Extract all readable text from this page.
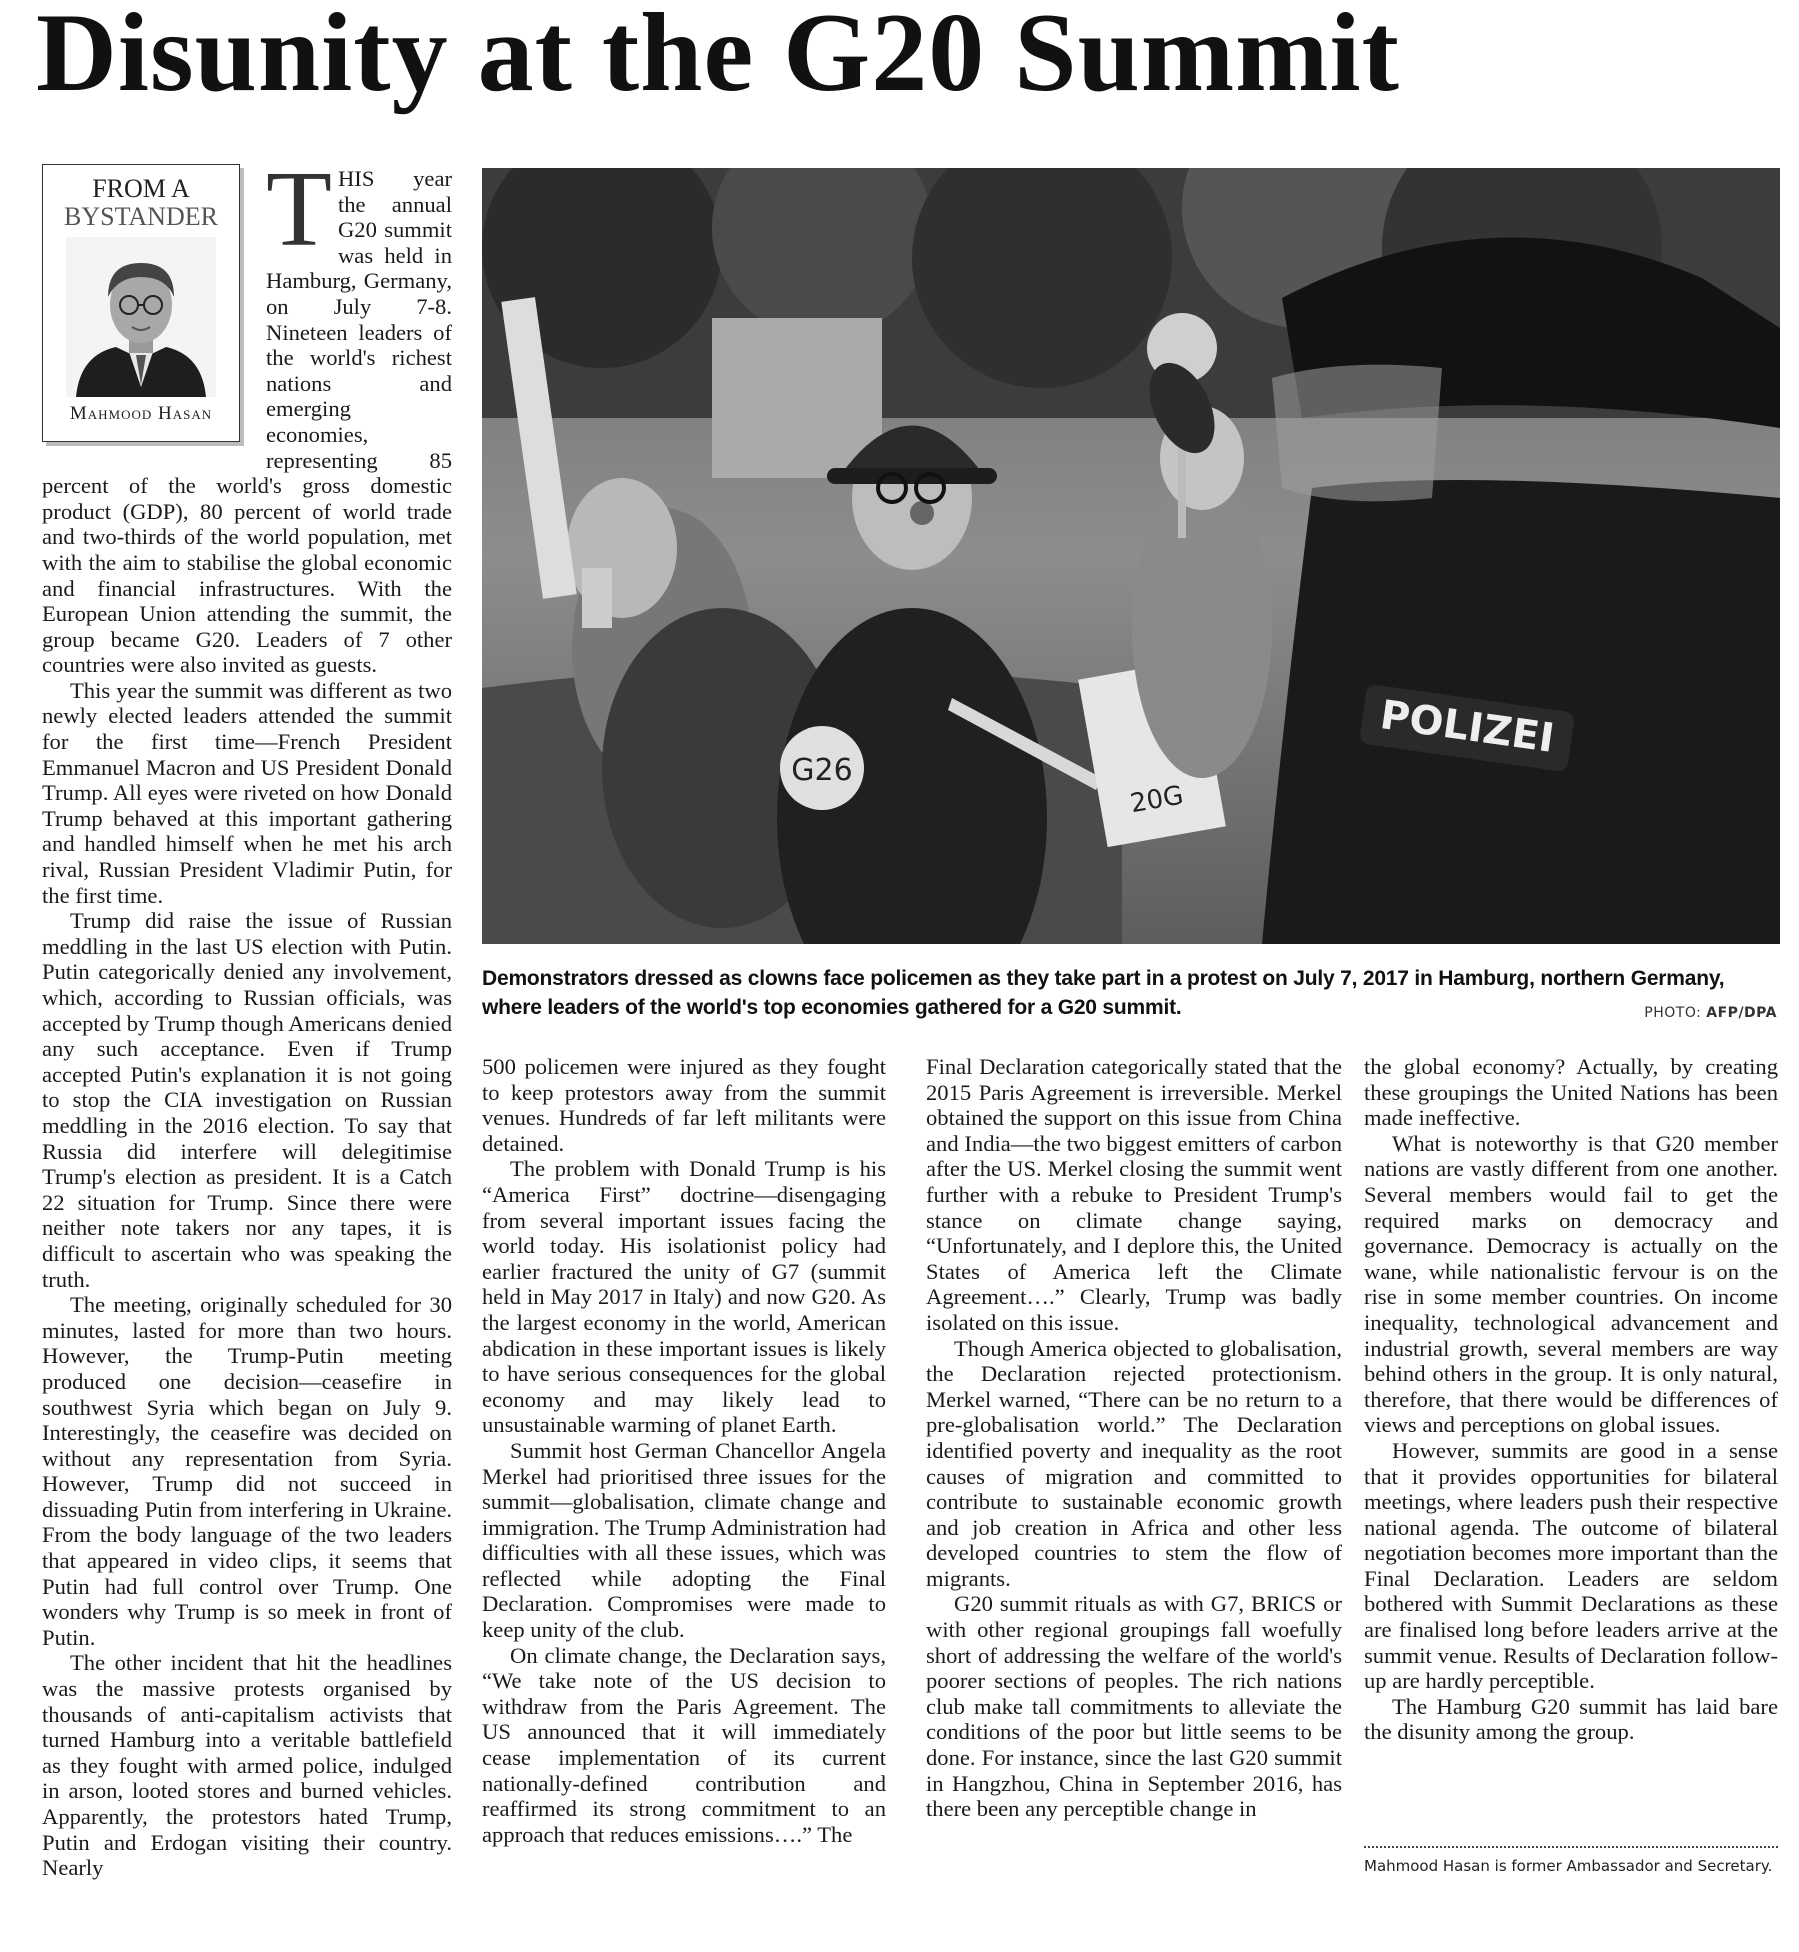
Disunity at the G20 Summit
FROM A
BYSTANDER
Mahmood Hasan

THIS year the annual G20 summit was held in Hamburg, Germany, on July 7-8. Nineteen leaders of the world's richest nations and emerging economies, representing 85 percent of the world's gross domestic product (GDP), 80 percent of world trade and two-thirds of the world population, met with the aim to stabilise the global economic and financial infrastructures. With the European Union attending the summit, the group became G20. Leaders of 7 other countries were also invited as guests.

This year the summit was different as two newly elected leaders attended the summit for the first time—French President Emmanuel Macron and US President Donald Trump. All eyes were riveted on how Donald Trump behaved at this important gathering and handled himself when he met his arch rival, Russian President Vladimir Putin, for the first time.

Trump did raise the issue of Russian meddling in the last US election with Putin. Putin categorically denied any involvement, which, according to Russian officials, was accepted by Trump though Americans denied any such acceptance. Even if Trump accepted Putin's explanation it is not going to stop the CIA investigation on Russian meddling in the 2016 election. To say that Russia did interfere will delegitimise Trump's election as president. It is a Catch 22 situation for Trump. Since there were neither note takers nor any tapes, it is difficult to ascertain who was speaking the truth.

The meeting, originally scheduled for 30 minutes, lasted for more than two hours. However, the Trump-Putin meeting produced one decision—ceasefire in southwest Syria which began on July 9. Interestingly, the ceasefire was decided on without any representation from Syria. However, Trump did not succeed in dissuading Putin from interfering in Ukraine. From the body language of the two leaders that appeared in video clips, it seems that Putin had full control over Trump. One wonders why Trump is so meek in front of Putin.

The other incident that hit the headlines was the massive protests organised by thousands of anti-capitalism activists that turned Hamburg into a veritable battlefield as they fought with armed police, indulged in arson, looted stores and burned vehicles. Apparently, the protestors hated Trump, Putin and Erdogan visiting their country. Nearly

G26
20G
POLIZEI
Demonstrators dressed as clowns face policemen as they take part in a protest on July 7, 2017 in Hamburg, northern Germany, where leaders of the world's top economies gathered for a G20 summit.	PHOTO: AFP/DPA

500 policemen were injured as they fought to keep protestors away from the summit venues. Hundreds of far left militants were detained.

The problem with Donald Trump is his “America First” doctrine—disengaging from several important issues facing the world today. His isolationist policy had earlier fractured the unity of G7 (summit held in May 2017 in Italy) and now G20. As the largest economy in the world, American abdication in these important issues is likely to have serious consequences for the global economy and may likely lead to unsustainable warming of planet Earth.

Summit host German Chancellor Angela Merkel had prioritised three issues for the summit—globalisation, climate change and immigration. The Trump Administration had difficulties with all these issues, which was reflected while adopting the Final Declaration. Compromises were made to keep unity of the club.

On climate change, the Declaration says, “We take note of the US decision to withdraw from the Paris Agreement. The US announced that it will immediately cease implementation of its current nationally-defined contribution and reaffirmed its strong commitment to an approach that reduces emissions….” The

Final Declaration categorically stated that the 2015 Paris Agreement is irreversible. Merkel obtained the support on this issue from China and India—the two biggest emitters of carbon after the US. Merkel closing the summit went further with a rebuke to President Trump's stance on climate change saying, “Unfortunately, and I deplore this, the United States of America left the Climate Agreement….” Clearly, Trump was badly isolated on this issue.

Though America objected to globalisation, the Declaration rejected protectionism. Merkel warned, “There can be no return to a pre-globalisation world.” The Declaration identified poverty and inequality as the root causes of migration and committed to contribute to sustainable economic growth and job creation in Africa and other less developed countries to stem the flow of migrants.

G20 summit rituals as with G7, BRICS or with other regional groupings fall woefully short of addressing the welfare of the world's poorer sections of peoples. The rich nations club make tall commitments to alleviate the conditions of the poor but little seems to be done. For instance, since the last G20 summit in Hangzhou, China in September 2016, has there been any perceptible change in

the global economy? Actually, by creating these groupings the United Nations has been made ineffective.

What is noteworthy is that G20 member nations are vastly different from one another. Several members would fail to get the required marks on democracy and governance. Democracy is actually on the wane, while nationalistic fervour is on the rise in some member countries. On income inequality, technological advancement and industrial growth, several members are way behind others in the group. It is only natural, therefore, that there would be differences of views and perceptions on global issues.

However, summits are good in a sense that it provides opportunities for bilateral meetings, where leaders push their respective national agenda. The outcome of bilateral negotiation becomes more important than the Final Declaration. Leaders are seldom bothered with Summit Declarations as these are finalised long before leaders arrive at the summit venue. Results of Declaration follow-up are hardly perceptible.

The Hamburg G20 summit has laid bare the disunity among the group.

Mahmood Hasan is former Ambassador and Secretary.
